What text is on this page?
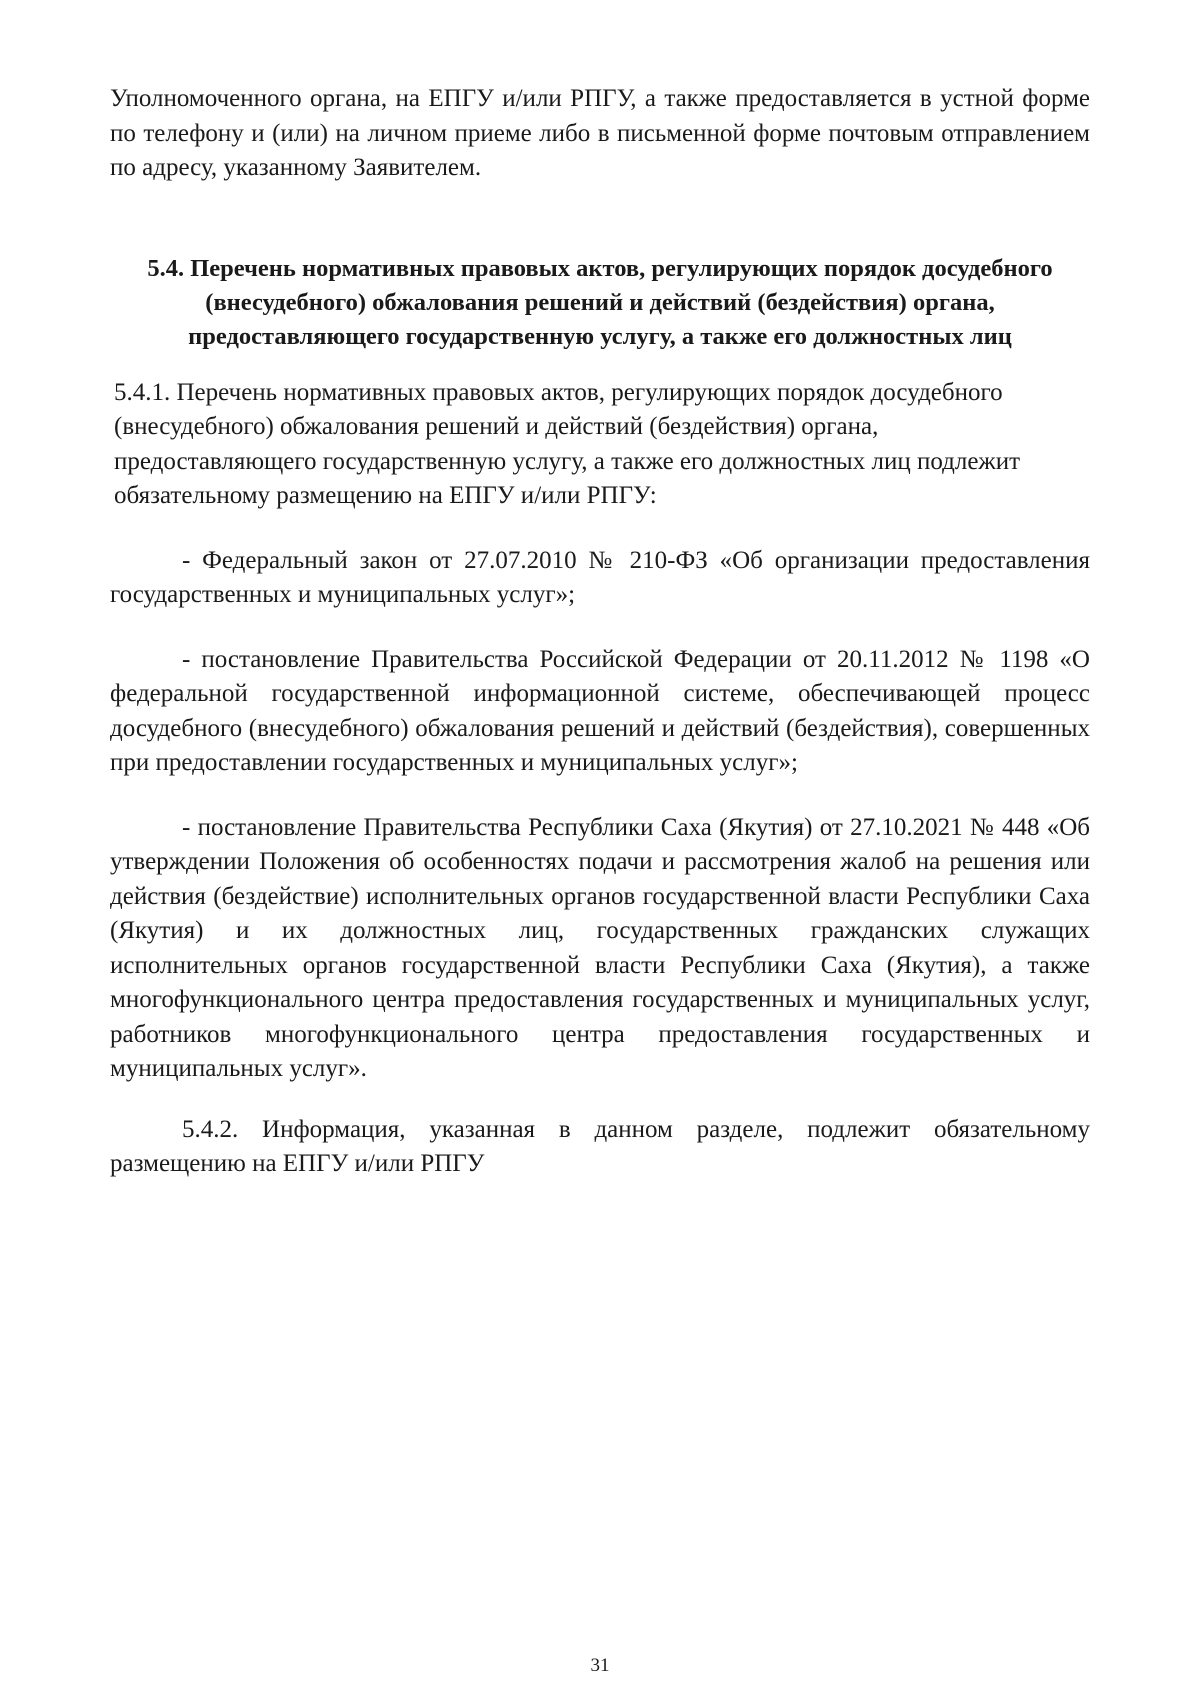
Уполномоченного органа, на ЕПГУ и/или РПГУ, а также предоставляется в устной форме по телефону и (или) на личном приеме либо в письменной форме почтовым отправлением по адресу, указанному Заявителем.

5.4. Перечень нормативных правовых актов, регулирующих порядок досудебного
(внесудебного) обжалования решений и действий (бездействия) органа,
предоставляющего государственную услугу, а также его должностных лиц

5.4.1. Перечень нормативных правовых актов, регулирующих порядок досудебного
(внесудебного) обжалования решений и действий (бездействия) органа,
предоставляющего государственную услугу, а также его должностных лиц подлежит
обязательному размещению на ЕПГУ и/или РПГУ:

- Федеральный закон от 27.07.2010 № 210-ФЗ «Об организации предоставления государственных и муниципальных услуг»;

- постановление Правительства Российской Федерации от 20.11.2012 № 1198 «О федеральной государственной информационной системе, обеспечивающей процесс досудебного (внесудебного) обжалования решений и действий (бездействия), совершенных при предоставлении государственных и муниципальных услуг»;

- постановление Правительства Республики Саха (Якутия) от 27.10.2021 № 448 «Об утверждении Положения об особенностях подачи и рассмотрения жалоб на решения или действия (бездействие) исполнительных органов государственной власти Республики Саха (Якутия) и их должностных лиц, государственных гражданских служащих исполнительных органов государственной власти Республики Саха (Якутия), а также многофункционального центра предоставления государственных и муниципальных услуг, работников многофункционального центра предоставления государственных и муниципальных услуг».

5.4.2. Информация, указанная в данном разделе, подлежит обязательному размещению на ЕПГУ и/или РПГУ

31
